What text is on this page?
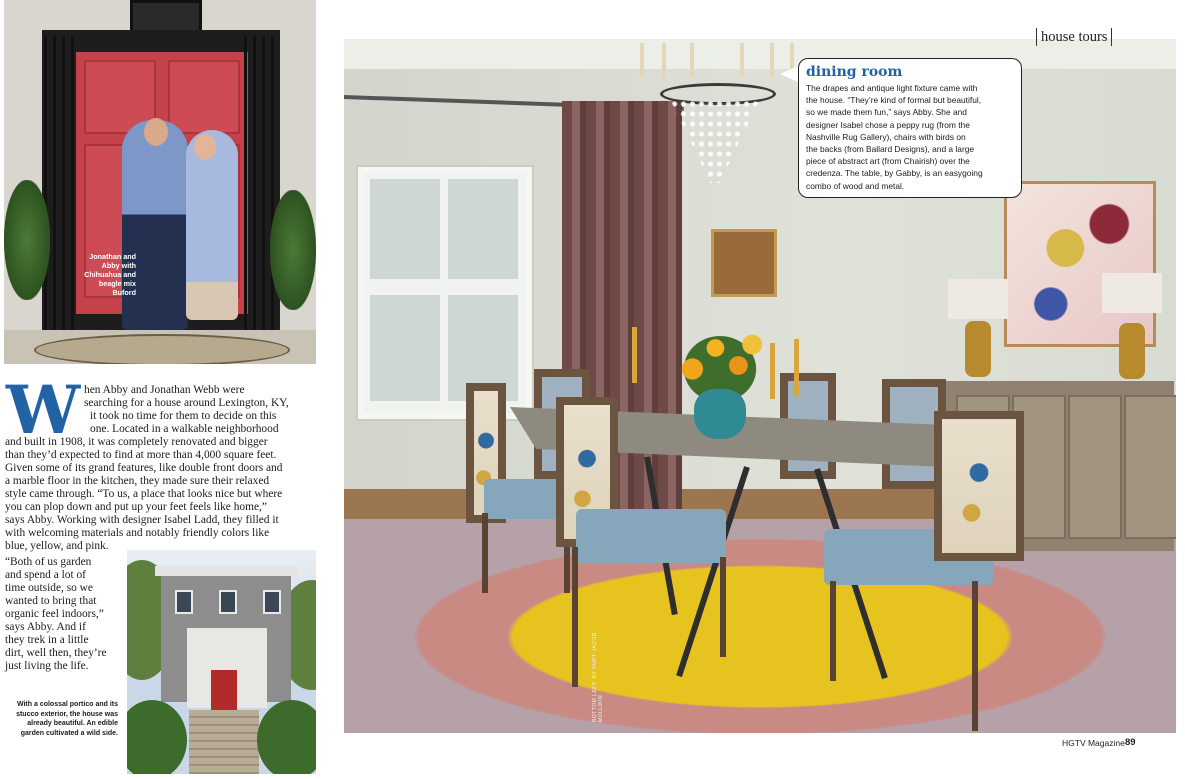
Jonathan and Abby with Chihuahua and beagle mix Buford
W hen Abby and Jonathan Webb were
searching for a house around Lexington, KY,
it took no time for them to decide on this
one. Located in a walkable neighborhood
and built in 1908, it was completely renovated and bigger
than they’d expected to find at more than 4,000 square feet.
Given some of its grand features, like double front doors and
a marble floor in the kitchen, they made sure their relaxed
style came through. “To us, a place that looks nice but where
you can plop down and put up your feet feels like home,”
says Abby. Working with designer Isabel Ladd, they filled it
with welcoming materials and notably friendly colors like
blue, yellow, and pink.
“Both of us garden
and spend a lot of
time outside, so we
wanted to bring that
organic feel indoors,”
says Abby. And if
they trek in a little
dirt, well then, they’re
just living the life.
With a colossal portico and its stucco exterior, the house was already beautiful. An edible garden cultivated a wild side.
BOTTOM LEFT: BY KURT JACOB MULLIKIN
dining room
The drapes and antique light fixture came with
the house. “They’re kind of formal but beautiful,
so we made them fun,” says Abby. She and
designer Isabel chose a peppy rug (from the
Nashville Rug Gallery), chairs with birds on
the backs (from Ballard Designs), and a large
piece of abstract art (from Chairish) over the
credenza. The table, by Gabby, is an easygoing
combo of wood and metal.
house tours
HGTV Magazine 89
